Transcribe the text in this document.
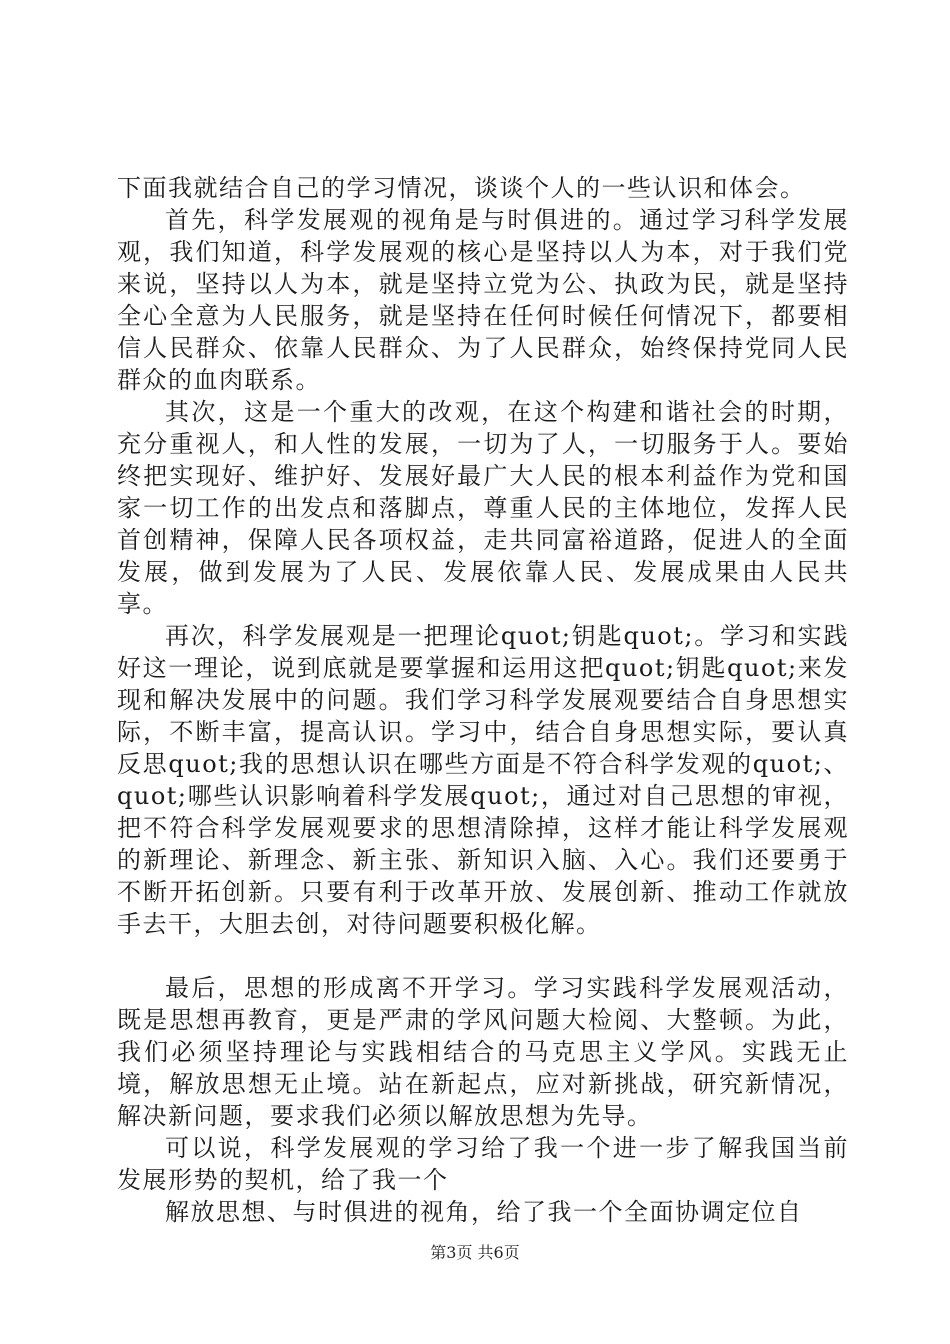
下面我就结合自己的学习情况，谈谈个人的一些认识和体会。

首先，科学发展观的视角是与时俱进的。通过学习科学发展观，我们知道，科学发展观的核心是坚持以人为本，对于我们党来说，坚持以人为本，就是坚持立党为公、执政为民，就是坚持全心全意为人民服务，就是坚持在任何时候任何情况下，都要相信人民群众、依靠人民群众、为了人民群众，始终保持党同人民群众的血肉联系。

其次，这是一个重大的改观，在这个构建和谐社会的时期，充分重视人，和人性的发展，一切为了人，一切服务于人。要始终把实现好、维护好、发展好最广大人民的根本利益作为党和国家一切工作的出发点和落脚点，尊重人民的主体地位，发挥人民首创精神，保障人民各项权益，走共同富裕道路，促进人的全面发展，做到发展为了人民、发展依靠人民、发展成果由人民共享。

再次，科学发展观是一把理论quot;钥匙quot;。学习和实践好这一理论，说到底就是要掌握和运用这把quot;钥匙quot;来发现和解决发展中的问题。我们学习科学发展观要结合自身思想实际，不断丰富，提高认识。学习中，结合自身思想实际，要认真反思quot;我的思想认识在哪些方面是不符合科学发观的quot;、quot;哪些认识影响着科学发展quot;，通过对自己思想的审视，把不符合科学发展观要求的思想清除掉，这样才能让科学发展观的新理论、新理念、新主张、新知识入脑、入心。我们还要勇于不断开拓创新。只要有利于改革开放、发展创新、推动工作就放手去干，大胆去创，对待问题要积极化解。

最后，思想的形成离不开学习。学习实践科学发展观活动，既是思想再教育，更是严肃的学风问题大检阅、大整顿。为此，我们必须坚持理论与实践相结合的马克思主义学风。实践无止境，解放思想无止境。站在新起点，应对新挑战，研究新情况，解决新问题，要求我们必须以解放思想为先导。

可以说，科学发展观的学习给了我一个进一步了解我国当前发展形势的契机，给了我一个

解放思想、与时俱进的视角，给了我一个全面协调定位自

第3页 共6页
